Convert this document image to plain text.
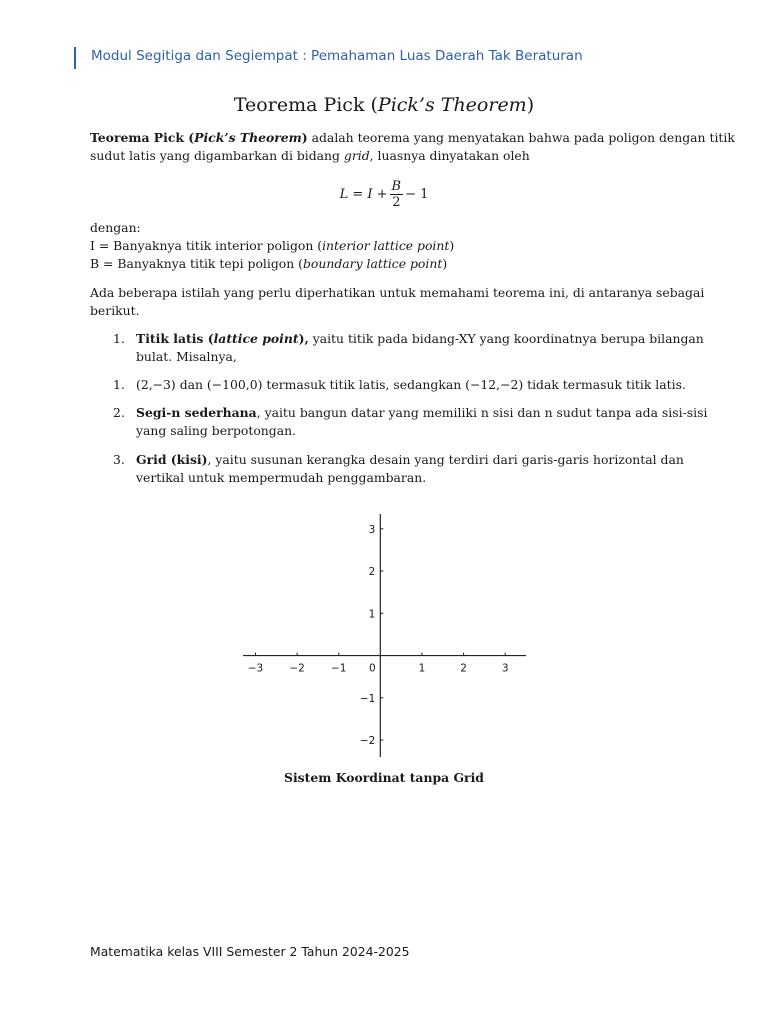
Modul Segitiga dan Segiempat : Pemahaman Luas Daerah Tak Beraturan
Teorema Pick (Pick’s Theorem)
Teorema Pick (Pick’s Theorem) adalah teorema yang menyatakan bahwa pada poligon dengan titik
sudut latis yang digambarkan di bidang grid, luasnya dinyatakan oleh
$L = I + \frac{B}{2} - 1$
dengan:
I = Banyaknya titik interior poligon (interior lattice point)
B = Banyaknya titik tepi poligon (boundary lattice point)
Ada beberapa istilah yang perlu diperhatikan untuk memahami teorema ini, di antaranya sebagai
berikut.
1. Titik latis (lattice point), yaitu titik pada bidang-XY yang koordinatnya berupa bilangan
bulat. Misalnya,
1. (2,−3) dan (−100,0) termasuk titik latis, sedangkan (−12,−2) tidak termasuk titik latis.
2. Segi-n sederhana, yaitu bangun datar yang memiliki n sisi dan n sudut tanpa ada sisi-sisi
yang saling berpotongan.
3. Grid (kisi), yaitu susunan kerangka desain yang terdiri dari garis-garis horizontal dan
vertikal untuk mempermudah penggambaran.
−3 −2 −1 0	1	2	3
3
2
1
−1
−2
Sistem Koordinat tanpa Grid
Matematika kelas VIII Semester 2 Tahun 2024-2025
